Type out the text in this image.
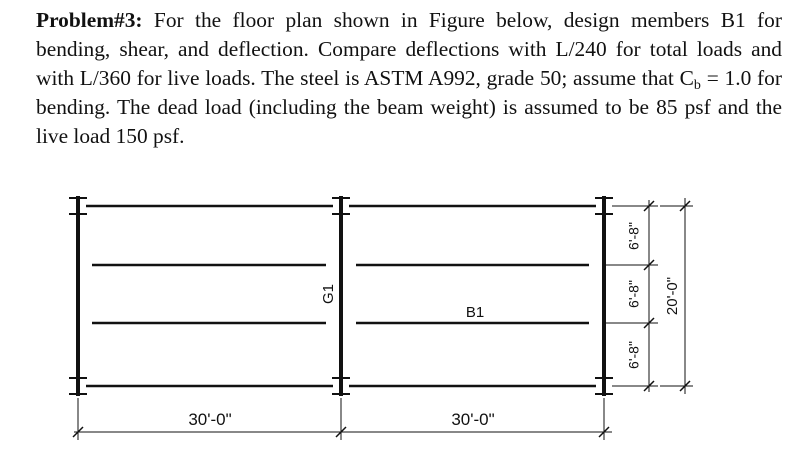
Problem#3: For the floor plan shown in Figure below, design members B1 for bending, shear, and deflection. Compare deflections with L/240 for total loads and with L/360 for live loads. The steel is ASTM A992, grade 50; assume that $C_b = 1.0$ for bending. The dead load (including the beam weight) is assumed to be 85 psf and the live load 150 psf.
G1
B1
30'-0"	30'-0"
6'-8"
6'-8"
6'-8"
20'-0"
